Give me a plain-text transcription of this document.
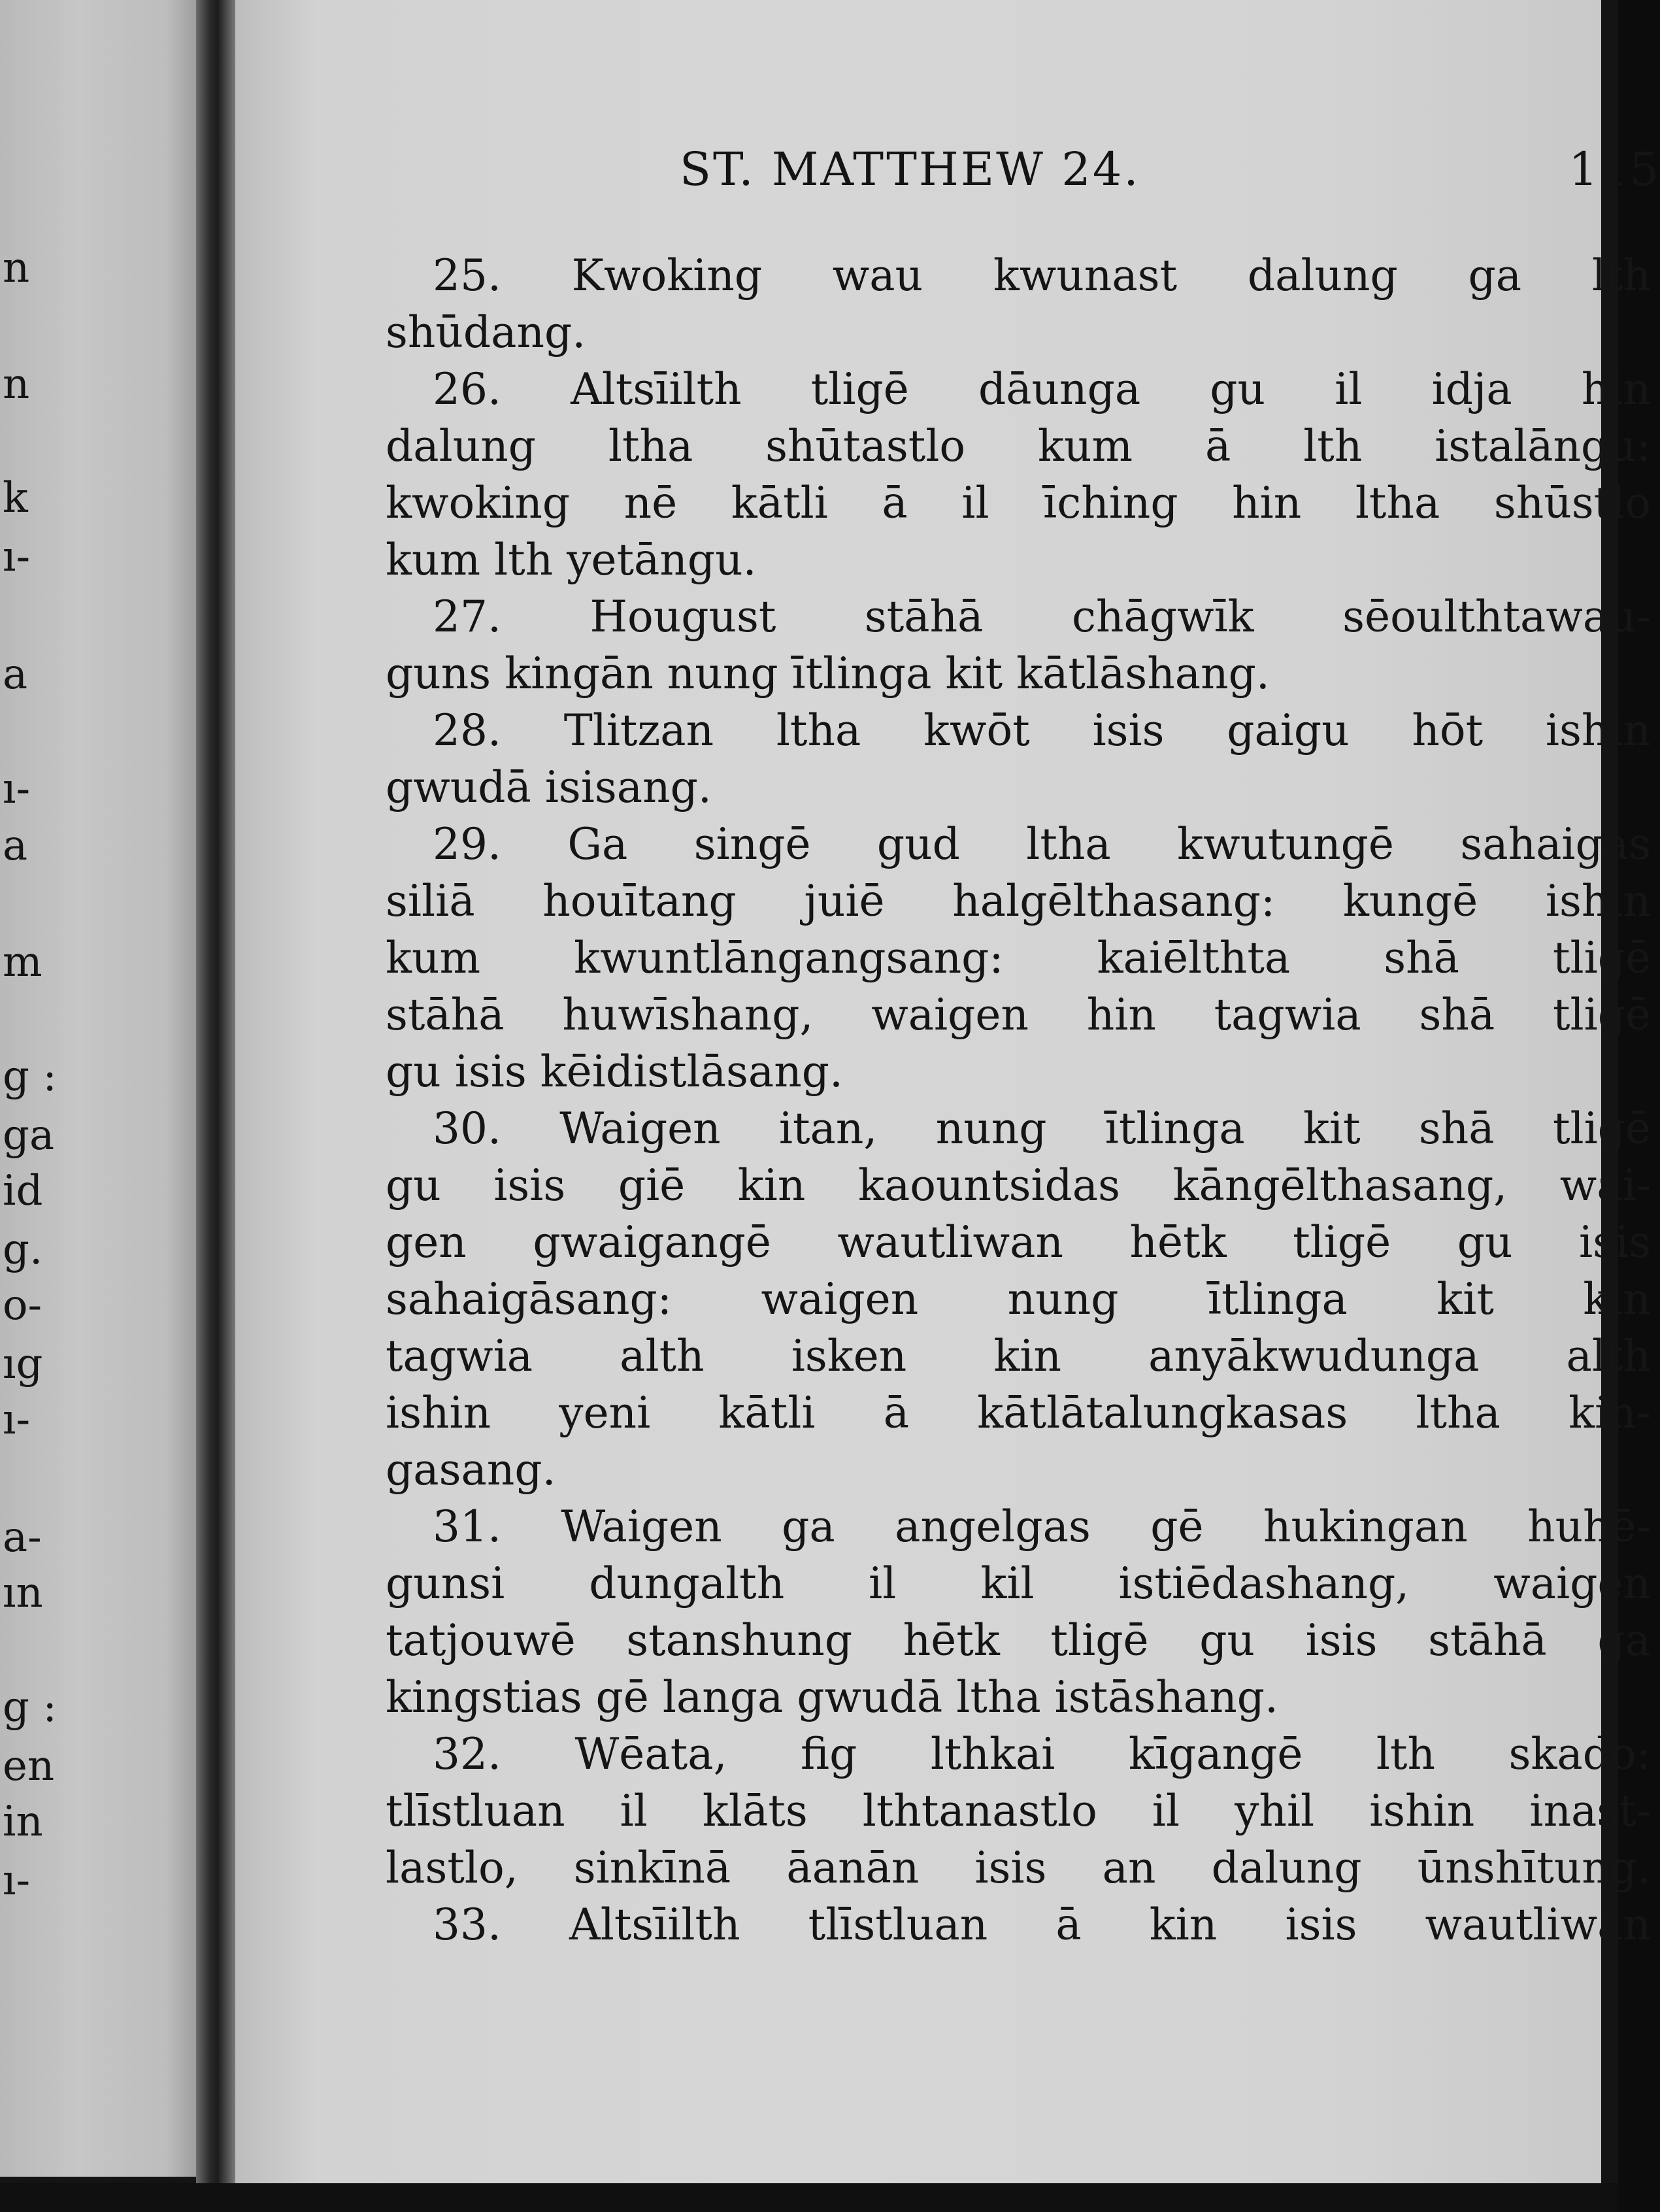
n
n
k
ı-
a
ı-
a
m
g :
ga
id
g.
o-
ıg
ı-
a-
ın
g :
en
in
ı-
ST. MATTHEW 24.	115
25. Kwoking wau kwunast dalung ga lth
shūdang.
26. Altsīilth tligē dāunga gu il idja hin
dalung ltha shūtastlo kum ā lth istalāngu:
kwoking nē kātli ā il īching hin ltha shūstlo
kum lth yetāngu.
27. Hougust stāhā chāgwīk sēoulthtawau-
guns kingān nung ītlinga kit kātlāshang.
28. Tlitzan ltha kwōt isis gaigu hōt ishin
gwudā isisang.
29. Ga singē gud ltha kwutungē sahaigas
siliā houītang juiē halgēlthasang: kungē ishin
kum kwuntlāngangsang: kaiēlthta shā tligē
stāhā huwīshang, waigen hin tagwia shā tligē
gu isis kēidistlāsang.
30. Waigen itan, nung ītlinga kit shā tligē
gu isis giē kin kaountsidas kāngēlthasang, wai-
gen gwaigangē wautliwan hētk tligē gu isis
sahaigāsang: waigen nung ītlinga kit kin
tagwia alth isken kin anyākwudunga alth
ishin yeni kātli ā kātlātalungkasas ltha kin-
gasang.
31. Waigen ga angelgas gē hukingan huhē-
gunsi dungalth il kil istiēdashang, waigen
tatjouwē stanshung hētk tligē gu isis stāhā ga
kingstias gē langa gwudā ltha istāshang.
32. Wēata, fig lthkai kīgangē lth skado:
tlīstluan il klāts lthtanastlo il yhil ishin inast-
lastlo, sinkīnā āanān isis an dalung ūnshītung.
33. Altsīilth tlīstluan ā kin isis wautliwan
